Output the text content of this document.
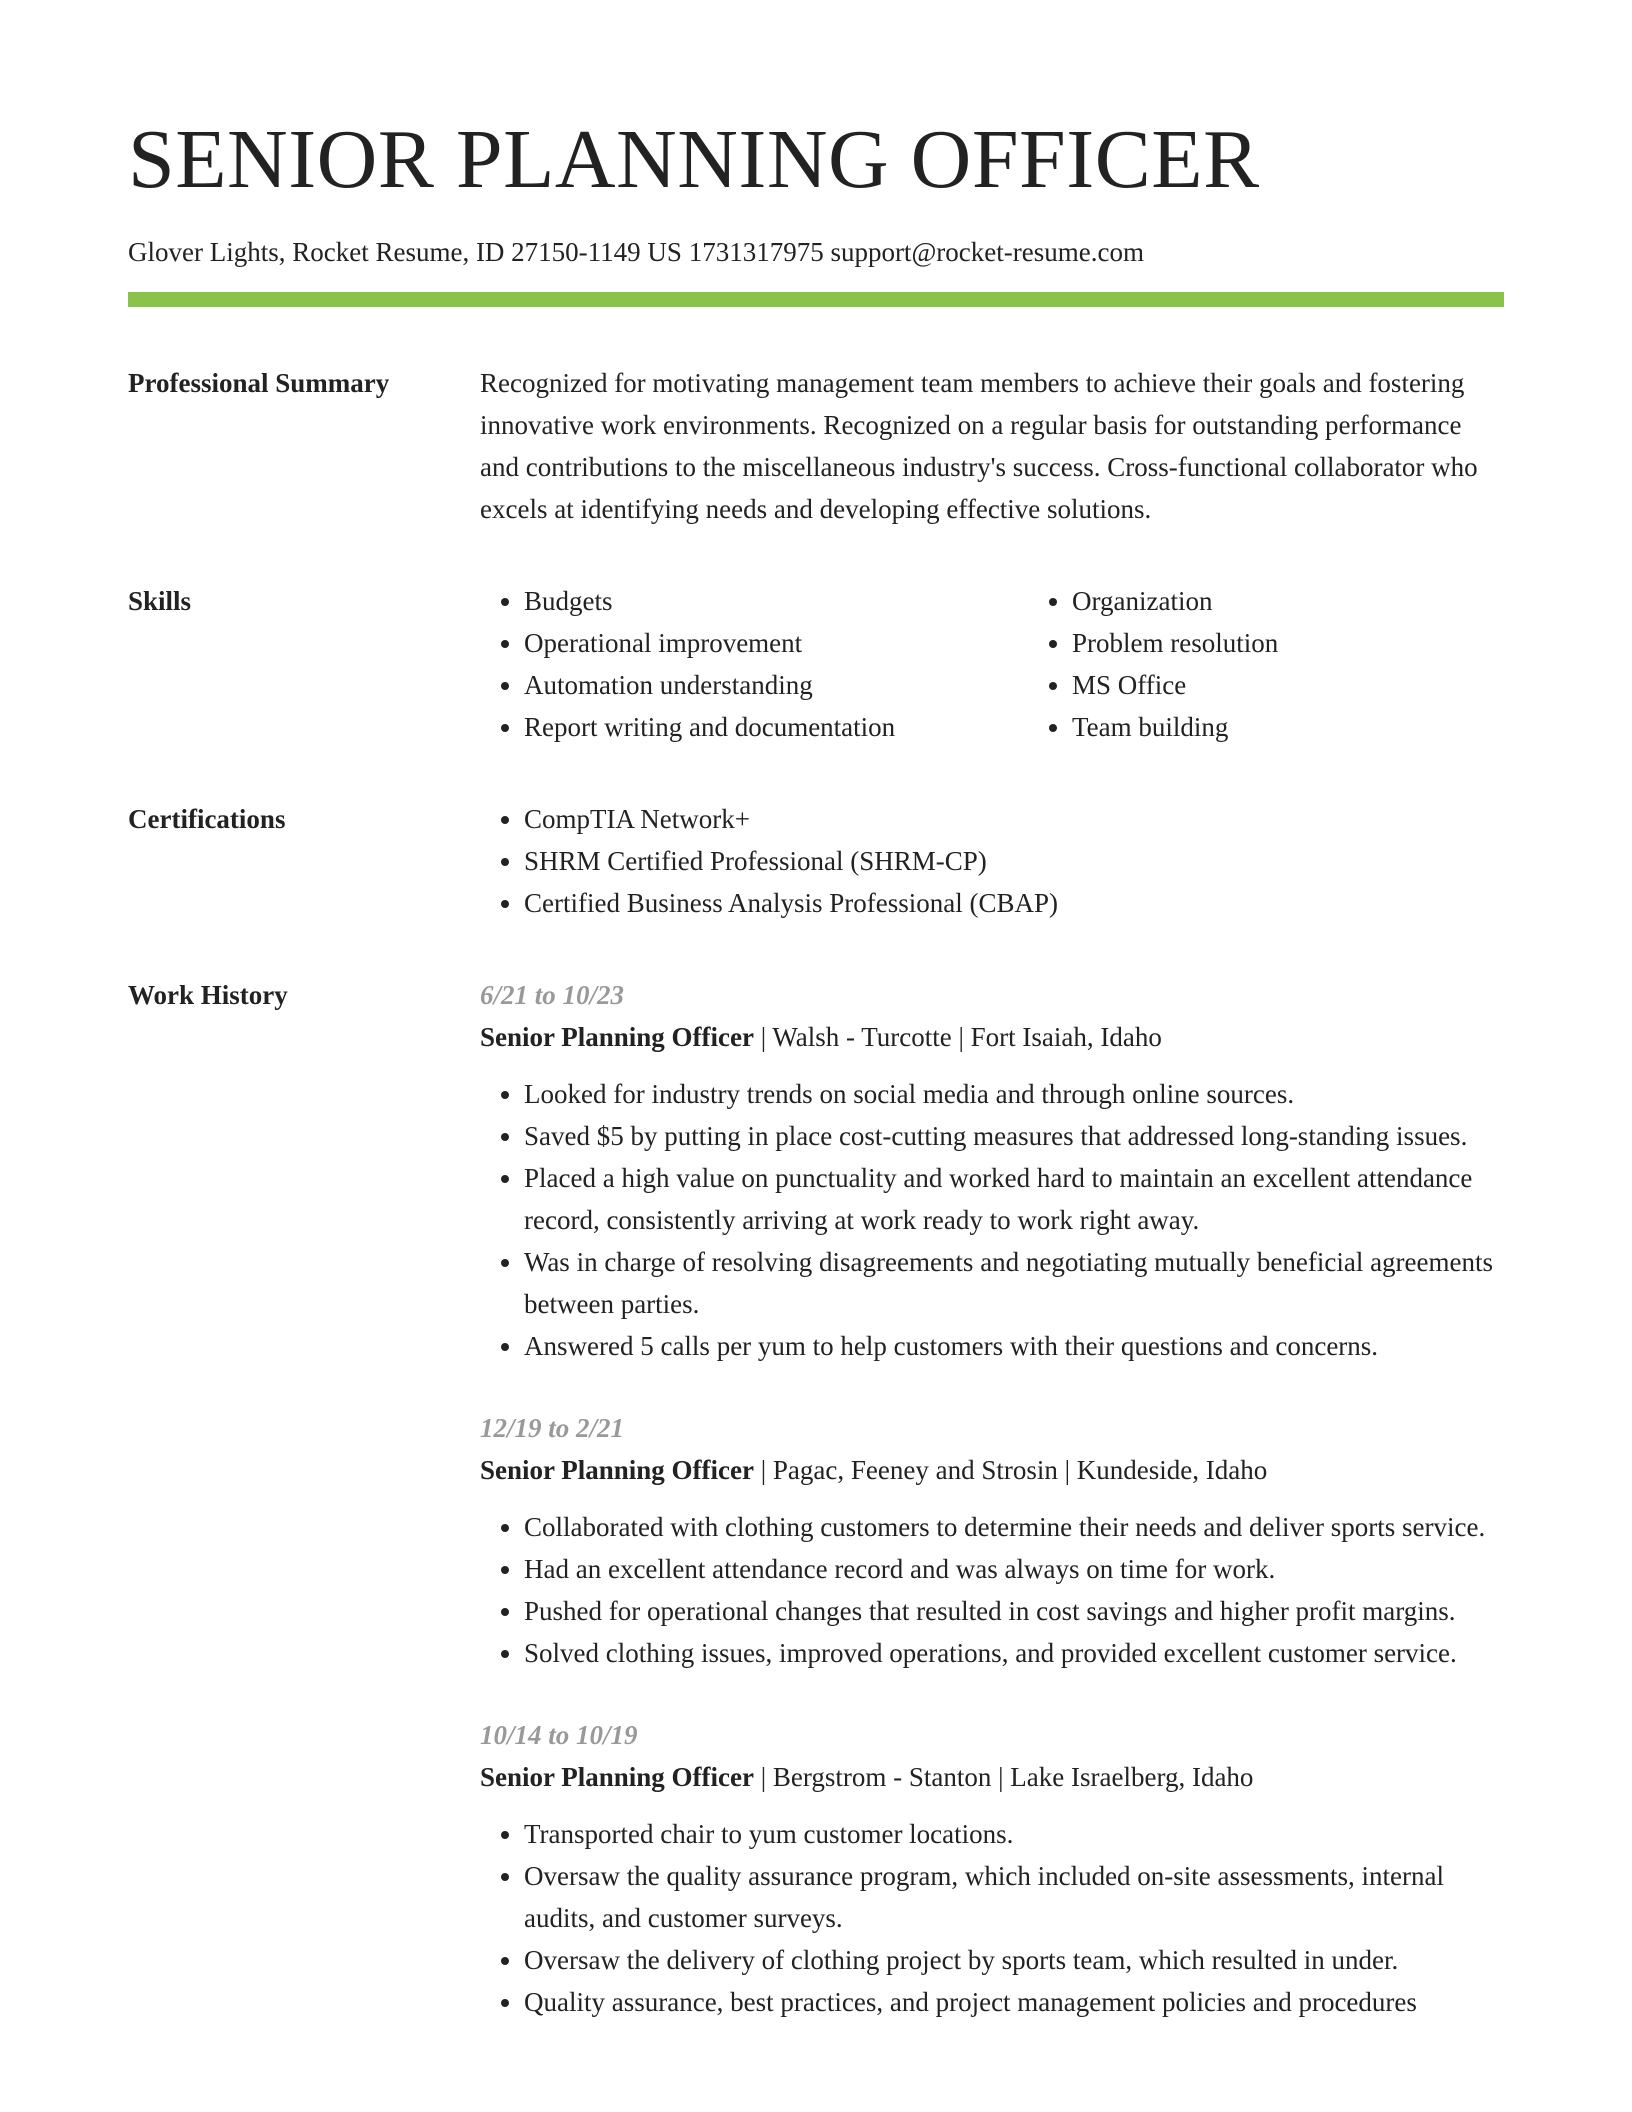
SENIOR PLANNING OFFICER
Glover Lights, Rocket Resume, ID 27150-1149 US 1731317975 support@rocket-resume.com
Professional Summary	Recognized for motivating management team members to achieve their goals and fostering innovative work environments. Recognized on a regular basis for outstanding performance and contributions to the miscellaneous industry's success. Cross-functional collaborator who excels at identifying needs and developing effective solutions.
Skills	• Budgets
• Operational improvement
• Automation understanding
• Report writing and documentation
• Organization
• Problem resolution
• MS Office
• Team building
Certifications	• CompTIA Network+
• SHRM Certified Professional (SHRM-CP)
• Certified Business Analysis Professional (CBAP)
Work History	6/21 to 10/23
Senior Planning Officer | Walsh - Turcotte | Fort Isaiah, Idaho
• Looked for industry trends on social media and through online sources.
• Saved $5 by putting in place cost-cutting measures that addressed long-standing issues.
• Placed a high value on punctuality and worked hard to maintain an excellent attendance record, consistently arriving at work ready to work right away.
• Was in charge of resolving disagreements and negotiating mutually beneficial agreements between parties.
• Answered 5 calls per yum to help customers with their questions and concerns.
12/19 to 2/21
Senior Planning Officer | Pagac, Feeney and Strosin | Kundeside, Idaho
• Collaborated with clothing customers to determine their needs and deliver sports service.
• Had an excellent attendance record and was always on time for work.
• Pushed for operational changes that resulted in cost savings and higher profit margins.
• Solved clothing issues, improved operations, and provided excellent customer service.
10/14 to 10/19
Senior Planning Officer | Bergstrom - Stanton | Lake Israelberg, Idaho
• Transported chair to yum customer locations.
• Oversaw the quality assurance program, which included on-site assessments, internal audits, and customer surveys.
• Oversaw the delivery of clothing project by sports team, which resulted in under.
• Quality assurance, best practices, and project management policies and procedures
